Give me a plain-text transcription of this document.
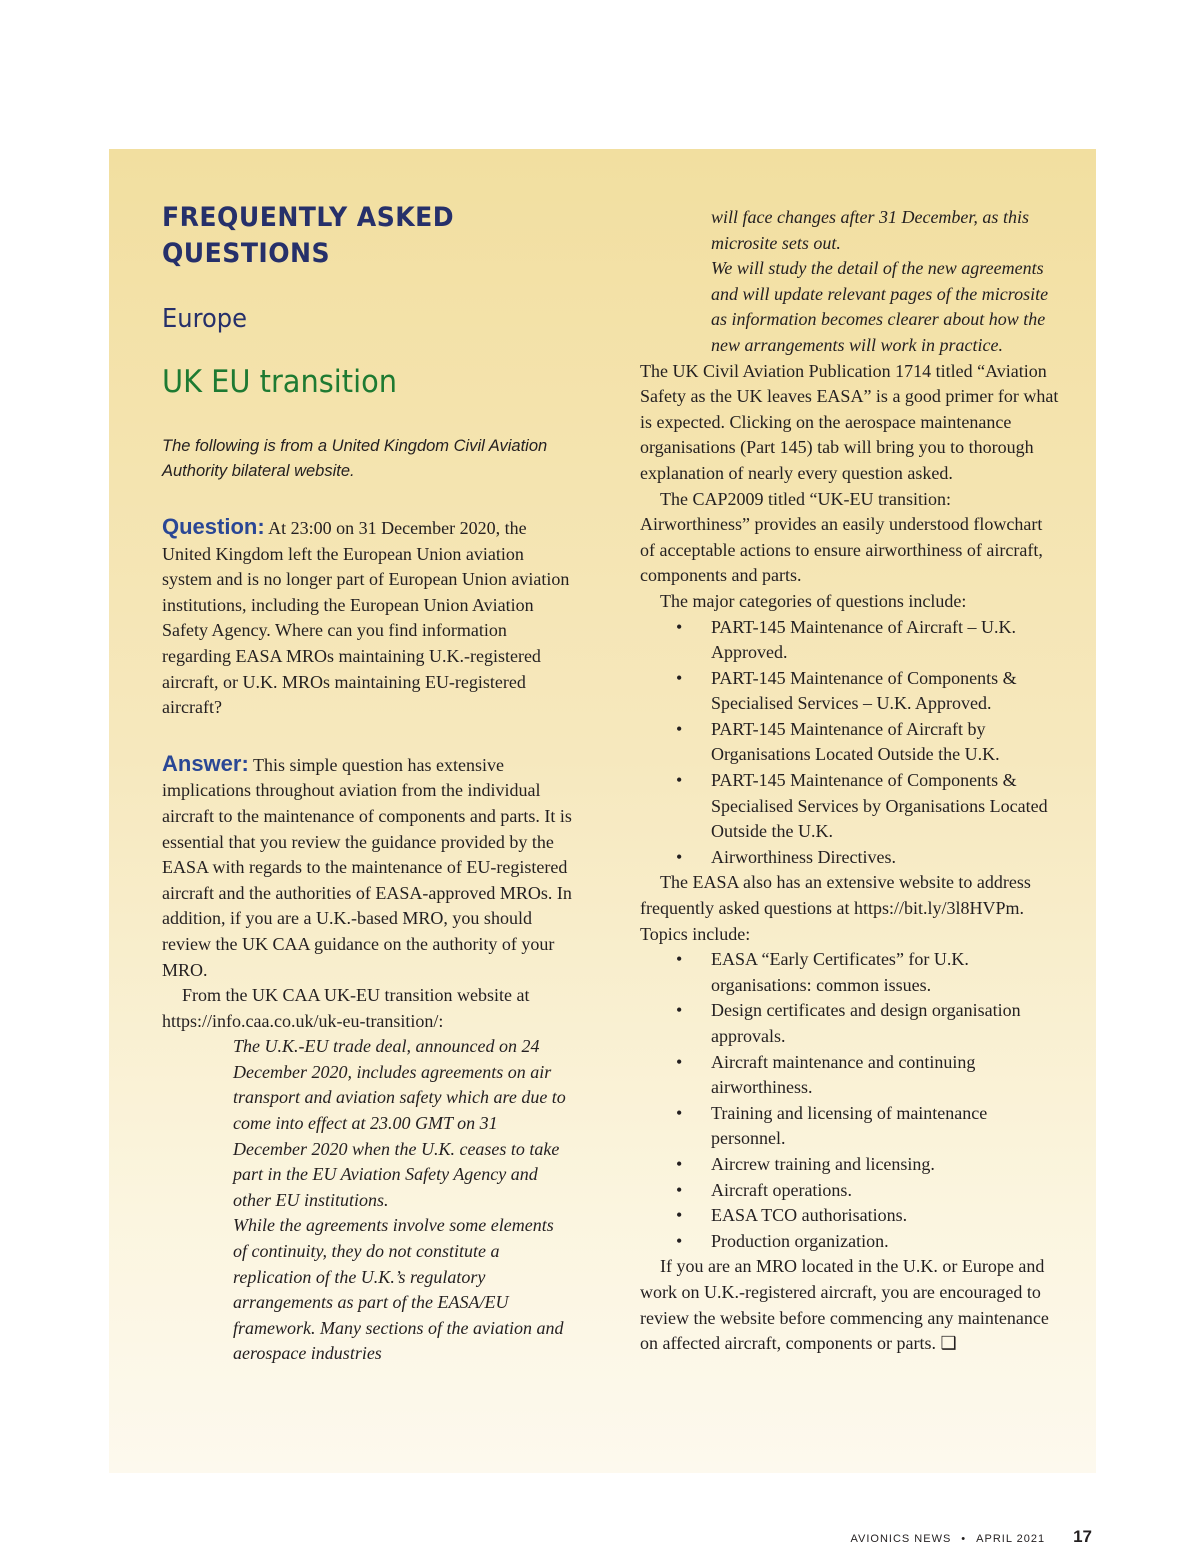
FREQUENTLY ASKED
QUESTIONS
Europe
UK EU transition

The following is from a United Kingdom Civil Aviation Authority bilateral website.

Question: At 23:00 on 31 December 2020, the United Kingdom left the European Union aviation system and is no longer part of European Union aviation institutions, including the European Union Aviation Safety Agency. Where can you find information regarding EASA MROs maintaining U.K.-registered aircraft, or U.K. MROs maintaining EU-registered aircraft?

Answer: This simple question has extensive implications throughout aviation from the individual aircraft to the maintenance of components and parts. It is essential that you review the guidance provided by the EASA with regards to the maintenance of EU-registered aircraft and the authorities of EASA-approved MROs. In addition, if you are a U.K.-based MRO, you should review the UK CAA guidance on the authority of your MRO.

From the UK CAA UK-EU transition website at https://info.caa.co.uk/uk-eu-transition/:

The U.K.-EU trade deal, announced on 24 December 2020, includes agreements on air transport and aviation safety which are due to come into effect at 23.00 GMT on 31 December 2020 when the U.K. ceases to take part in the EU Aviation Safety Agency and other EU institutions.

While the agreements involve some elements of continuity, they do not constitute a replication of the U.K.’s regulatory arrangements as part of the EASA/EU framework. Many sections of the aviation and aerospace industries

will face changes after 31 December, as this microsite sets out.

We will study the detail of the new agreements and will update relevant pages of the microsite as information becomes clearer about how the new arrangements will work in practice.

The UK Civil Aviation Publication 1714 titled “Aviation Safety as the UK leaves EASA” is a good primer for what is expected. Clicking on the aerospace maintenance organisations (Part 145) tab will bring you to thorough explanation of nearly every question asked.

The CAP2009 titled “UK-EU transition: Airworthiness” provides an easily understood flowchart of acceptable actions to ensure airworthiness of aircraft, components and parts.

The major categories of questions include:

• PART-145 Maintenance of Aircraft – U.K. Approved.
• PART-145 Maintenance of Components & Specialised Services – U.K. Approved.
• PART-145 Maintenance of Aircraft by Organisations Located Outside the U.K.
• PART-145 Maintenance of Components & Specialised Services by Organisations Located Outside the U.K.
• Airworthiness Directives.

The EASA also has an extensive website to address frequently asked questions at https://bit.ly/3l8HVPm. Topics include:

• EASA “Early Certificates” for U.K. organisations: common issues.
• Design certificates and design organisation approvals.
• Aircraft maintenance and continuing airworthiness.
• Training and licensing of maintenance personnel.
• Aircrew training and licensing.
• Aircraft operations.
• EASA TCO authorisations.
• Production organization.

If you are an MRO located in the U.K. or Europe and work on U.K.-registered aircraft, you are encouraged to review the website before commencing any maintenance on affected aircraft, components or parts. ❑

AVIONICS NEWS • APRIL 2021 17
